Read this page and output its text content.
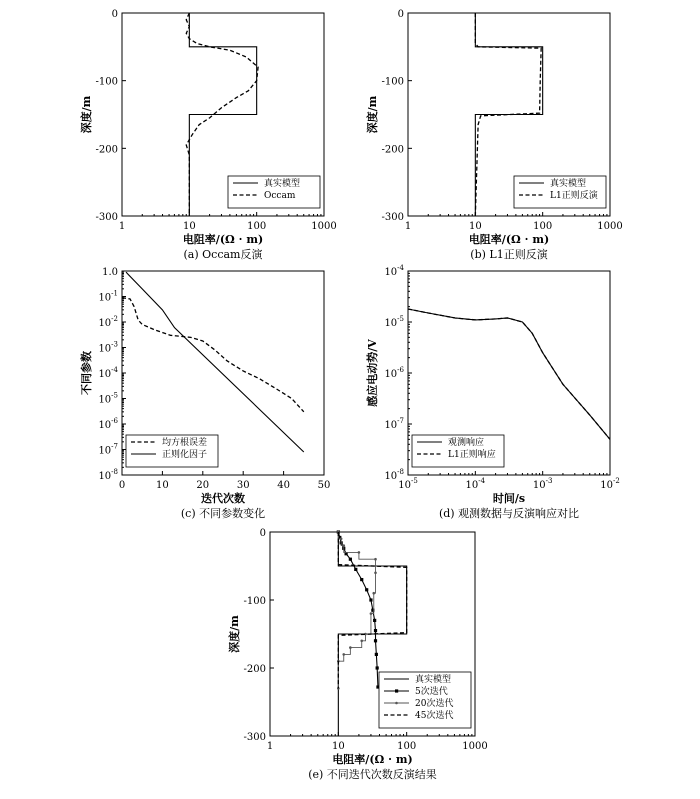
1	10	100	1000
0
-100
-200
-300
电阻率/(Ω · m)
深度/m
(a) Occam反演
真实模型
Occam
1	10	100	1000
0
-100
-200
-300
电阻率/(Ω · m)
深度/m
(b) L1正则反演
真实模型
L1正则反演
0	10	20	30	40	50
$10^{-8}$
$10^{-7}$
$10^{-6}$
$10^{-5}$
$10^{-4}$
$10^{-3}$
$10^{-2}$
$10^{-1}$
1.0
迭代次数
不同参数
(c) 不同参数变化
均方根误差
正则化因子
$10^{-5}$	$10^{-4}$	$10^{-3}$	$10^{-2}$
$10^{-8}$
$10^{-7}$
$10^{-6}$
$10^{-5}$
$10^{-4}$
时间/s
感应电动势/V
(d) 观测数据与反演响应对比
观测响应
L1正则响应
1	10	100	1000
0
-100
-200
-300
电阻率/(Ω · m)
深度/m
(e) 不同迭代次数反演结果
真实模型
5次迭代
20次迭代
45次迭代
